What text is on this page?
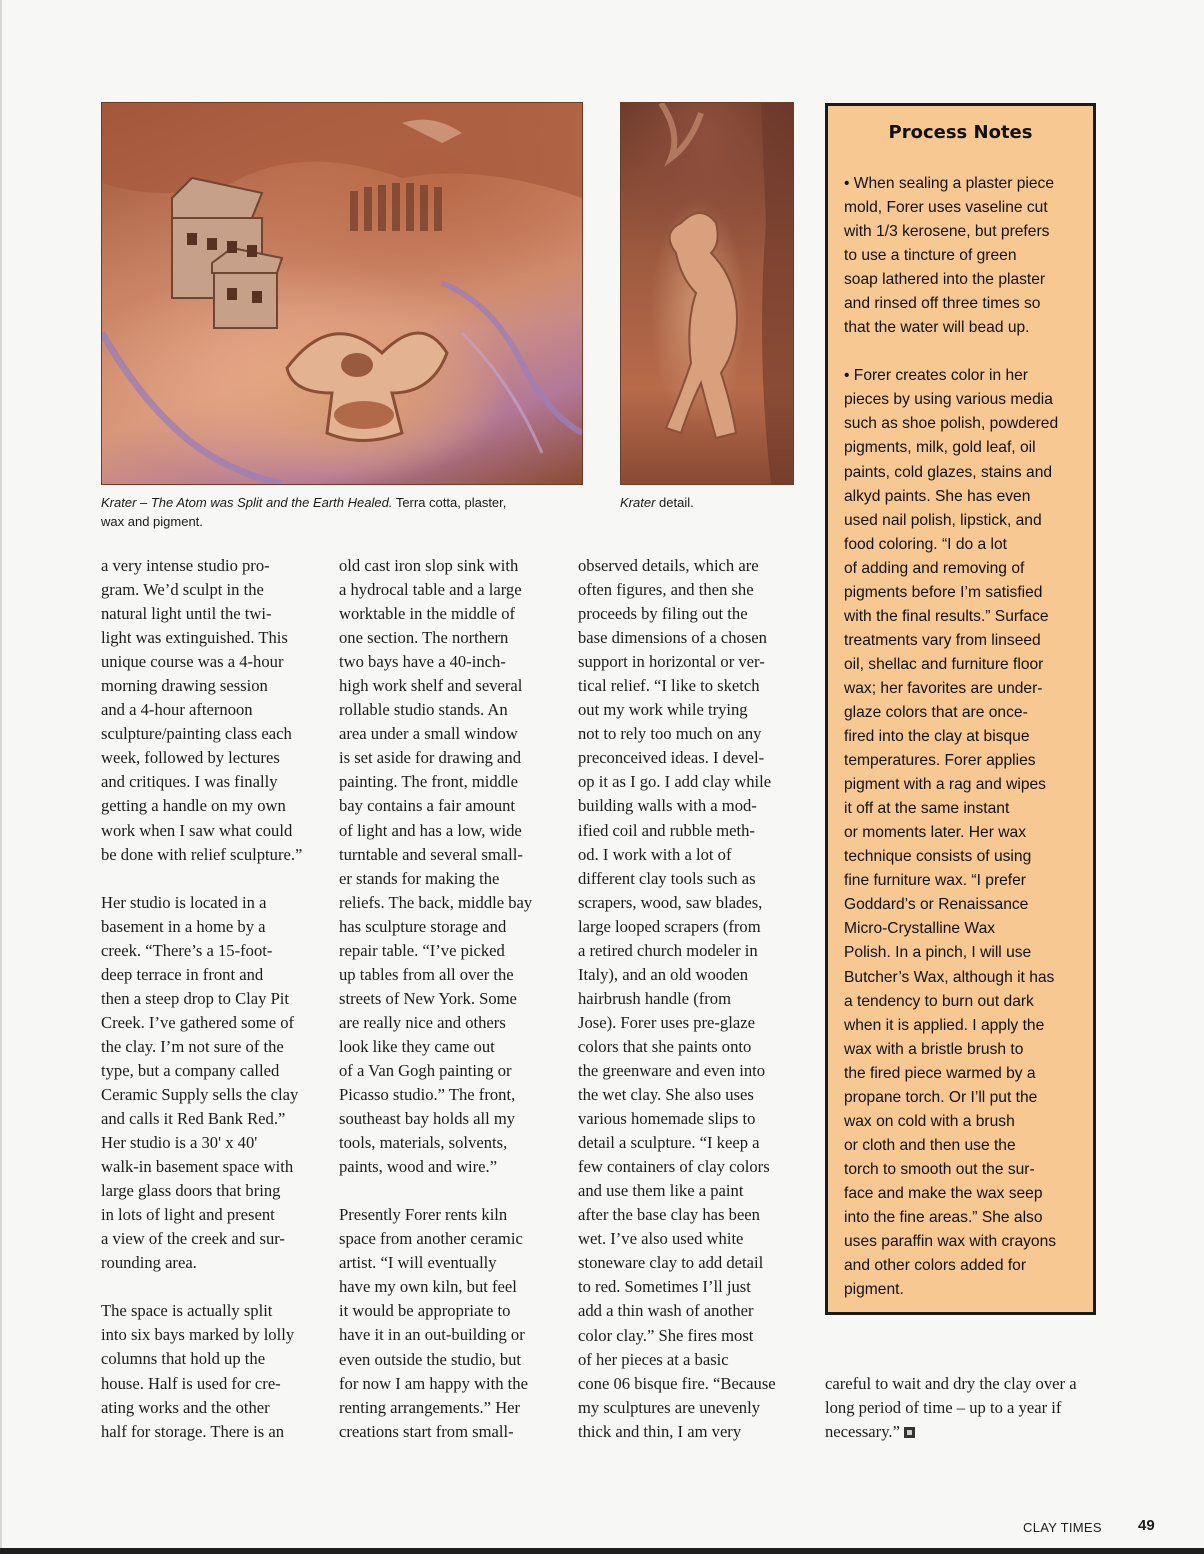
Krater – The Atom was Split and the Earth Healed. Terra cotta, plaster,
wax and pigment.

Krater detail.

a very intense studio pro-
gram. We’d sculpt in the
natural light until the twi-
light was extinguished. This
unique course was a 4-hour
morning drawing session
and a 4-hour afternoon
sculpture/painting class each
week, followed by lectures
and critiques. I was finally
getting a handle on my own
work when I saw what could
be done with relief sculpture.”

Her studio is located in a
basement in a home by a
creek. “There’s a 15-foot-
deep terrace in front and
then a steep drop to Clay Pit
Creek. I’ve gathered some of
the clay. I’m not sure of the
type, but a company called
Ceramic Supply sells the clay
and calls it Red Bank Red.”
Her studio is a 30' x 40'
walk-in basement space with
large glass doors that bring
in lots of light and present
a view of the creek and sur-
rounding area.

The space is actually split
into six bays marked by lolly
columns that hold up the
house. Half is used for cre-
ating works and the other
half for storage. There is an

old cast iron slop sink with
a hydrocal table and a large
worktable in the middle of
one section. The northern
two bays have a 40-inch-
high work shelf and several
rollable studio stands. An
area under a small window
is set aside for drawing and
painting. The front, middle
bay contains a fair amount
of light and has a low, wide
turntable and several small-
er stands for making the
reliefs. The back, middle bay
has sculpture storage and
repair table. “I’ve picked
up tables from all over the
streets of New York. Some
are really nice and others
look like they came out
of a Van Gogh painting or
Picasso studio.” The front,
southeast bay holds all my
tools, materials, solvents,
paints, wood and wire.”

Presently Forer rents kiln
space from another ceramic
artist. “I will eventually
have my own kiln, but feel
it would be appropriate to
have it in an out-building or
even outside the studio, but
for now I am happy with the
renting arrangements.” Her
creations start from small-

observed details, which are
often figures, and then she
proceeds by filing out the
base dimensions of a chosen
support in horizontal or ver-
tical relief. “I like to sketch
out my work while trying
not to rely too much on any
preconceived ideas. I devel-
op it as I go. I add clay while
building walls with a mod-
ified coil and rubble meth-
od. I work with a lot of
different clay tools such as
scrapers, wood, saw blades,
large looped scrapers (from
a retired church modeler in
Italy), and an old wooden
hairbrush handle (from
Jose). Forer uses pre-glaze
colors that she paints onto
the greenware and even into
the wet clay. She also uses
various homemade slips to
detail a sculpture. “I keep a
few containers of clay colors
and use them like a paint
after the base clay has been
wet. I’ve also used white
stoneware clay to add detail
to red. Sometimes I’ll just
add a thin wash of another
color clay.” She fires most
of her pieces at a basic
cone 06 bisque fire. “Because
my sculptures are unevenly
thick and thin, I am very

careful to wait and dry the clay over a
long period of time – up to a year if
necessary.”

Process Notes

• When sealing a plaster piece
mold, Forer uses vaseline cut
with 1/3 kerosene, but prefers
to use a tincture of green
soap lathered into the plaster
and rinsed off three times so
that the water will bead up.

• Forer creates color in her
pieces by using various media
such as shoe polish, powdered
pigments, milk, gold leaf, oil
paints, cold glazes, stains and
alkyd paints. She has even
used nail polish, lipstick, and
food coloring. “I do a lot
of adding and removing of
pigments before I’m satisfied
with the final results.” Surface
treatments vary from linseed
oil, shellac and furniture floor
wax; her favorites are under-
glaze colors that are once-
fired into the clay at bisque
temperatures. Forer applies
pigment with a rag and wipes
it off at the same instant
or moments later. Her wax
technique consists of using
fine furniture wax. “I prefer
Goddard’s or Renaissance
Micro-Crystalline Wax
Polish. In a pinch, I will use
Butcher’s Wax, although it has
a tendency to burn out dark
when it is applied. I apply the
wax with a bristle brush to
the fired piece warmed by a
propane torch. Or I’ll put the
wax on cold with a brush
or cloth and then use the
torch to smooth out the sur-
face and make the wax seep
into the fine areas.” She also
uses paraffin wax with crayons
and other colors added for
pigment.

CLAY TIMES 49
